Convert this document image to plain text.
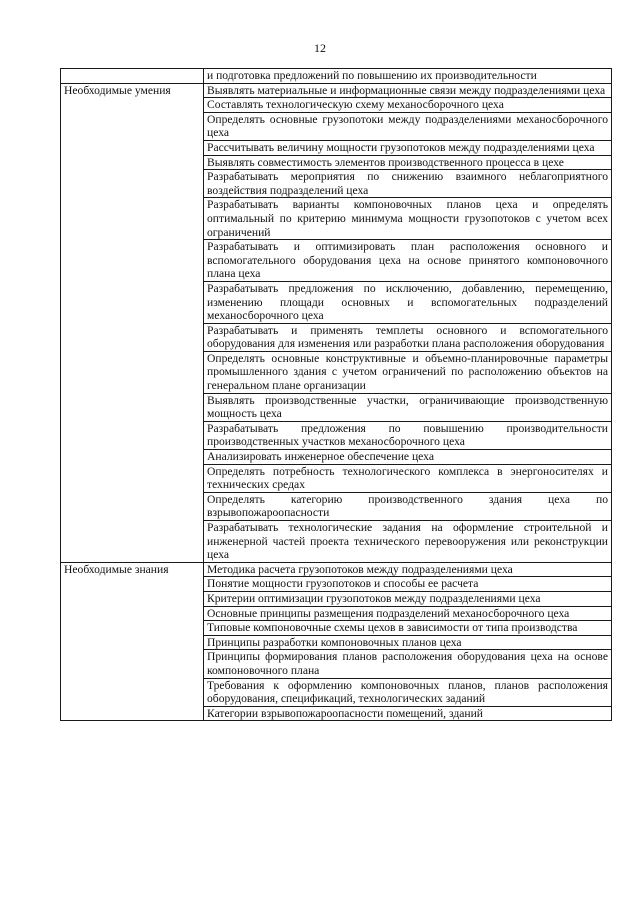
12
	и подготовка предложений по повышению их производительности
Необходимые умения	Выявлять материальные и информационные связи между подразделениями цеха
	Составлять технологическую схему механосборочного цеха
	Определять основные грузопотоки между подразделениями механосборочного цеха
	Рассчитывать величину мощности грузопотоков между подразделениями цеха
	Выявлять совместимость элементов производственного процесса в цехе
	Разрабатывать мероприятия по снижению взаимного неблагоприятного воздействия подразделений цеха
	Разрабатывать варианты компоновочных планов цеха и определять оптимальный по критерию минимума мощности грузопотоков с учетом всех ограничений
	Разрабатывать и оптимизировать план расположения основного и вспомогательного оборудования цеха на основе принятого компоновочного плана цеха
	Разрабатывать предложения по исключению, добавлению, перемещению, изменению площади основных и вспомогательных подразделений механосборочного цеха
	Разрабатывать и применять темплеты основного и вспомогательного оборудования для изменения или разработки плана расположения оборудования
	Определять основные конструктивные и объемно-планировочные параметры промышленного здания с учетом ограничений по расположению объектов на генеральном плане организации
	Выявлять производственные участки, ограничивающие производственную мощность цеха
	Разрабатывать предложения по повышению производительности производственных участков механосборочного цеха
	Анализировать инженерное обеспечение цеха
	Определять потребность технологического комплекса в энергоносителях и технических средах
	Определять категорию производственного здания цеха по взрывопожароопасности
	Разрабатывать технологические задания на оформление строительной и инженерной частей проекта технического перевооружения или реконструкции цеха
Необходимые знания	Методика расчета грузопотоков между подразделениями цеха
	Понятие мощности грузопотоков и способы ее расчета
	Критерии оптимизации грузопотоков между подразделениями цеха
	Основные принципы размещения подразделений механосборочного цеха
	Типовые компоновочные схемы цехов в зависимости от типа производства
	Принципы разработки компоновочных планов цеха
	Принципы формирования планов расположения оборудования цеха на основе компоновочного плана
	Требования к оформлению компоновочных планов, планов расположения оборудования, спецификаций, технологических заданий
	Категории взрывопожароопасности помещений, зданий
